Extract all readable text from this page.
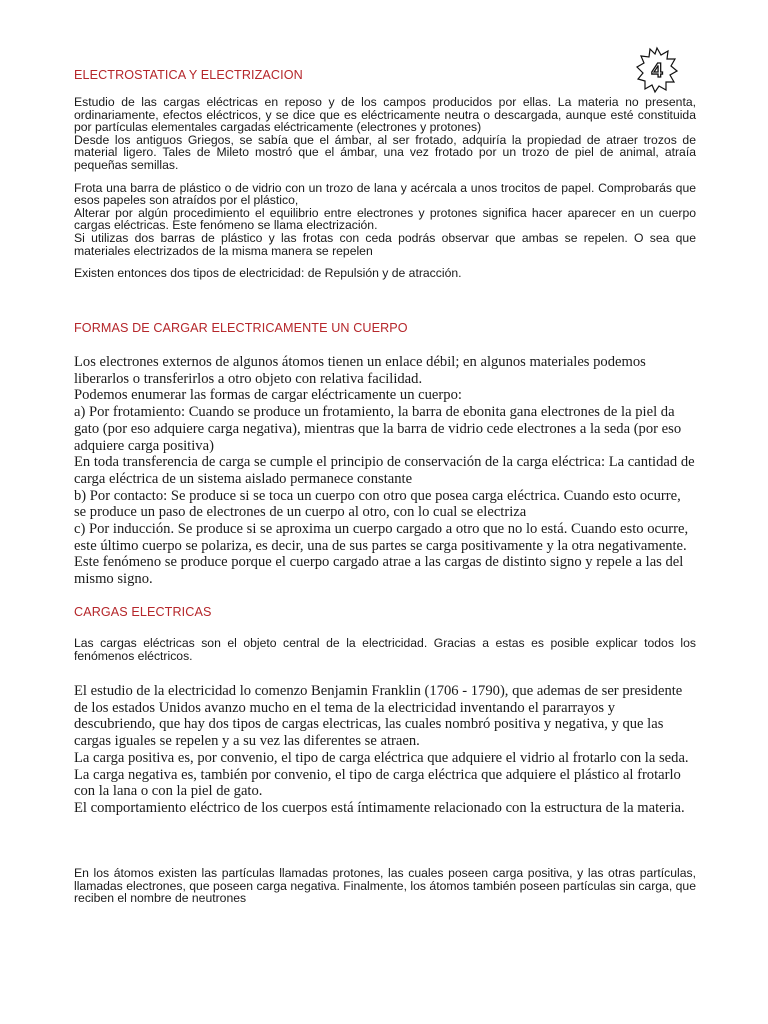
4
ELECTROSTATICA Y ELECTRIZACION

Estudio de las cargas eléctricas en reposo y de los campos producidos por ellas. La materia no presenta, ordinariamente, efectos eléctricos, y se dice que es eléctricamente neutra o descargada, aunque esté constituida por partículas elementales cargadas eléctricamente (electrones y protones)

Desde los antiguos Griegos, se sabía que el ámbar, al ser frotado, adquiría la propiedad de atraer trozos de material ligero. Tales de Mileto mostró que el ámbar, una vez frotado por un trozo de piel de animal, atraía pequeñas semillas.

Frota una barra de plástico o de vidrio con un trozo de lana y acércala a unos trocitos de papel. Comprobarás que esos papeles son atraídos por el plástico,

Alterar por algún procedimiento el equilibrio entre electrones y protones significa hacer aparecer en un cuerpo cargas eléctricas. Este fenómeno se llama electrización.

Si utilizas dos barras de plástico y las frotas con ceda podrás observar que ambas se repelen. O sea que materiales electrizados de la misma manera se repelen

Existen entonces dos tipos de electricidad: de Repulsión y de atracción.

FORMAS DE CARGAR ELECTRICAMENTE UN CUERPO

Los electrones externos de algunos átomos tienen un enlace débil; en algunos materiales podemos liberarlos o transferirlos a otro objeto con relativa facilidad.

Podemos enumerar las formas de cargar eléctricamente un cuerpo:

a) Por frotamiento: Cuando se produce un frotamiento, la barra de ebonita gana electrones de la piel da gato (por eso adquiere carga negativa), mientras que la barra de vidrio cede electrones a la seda (por eso adquiere carga positiva)

En toda transferencia de carga se cumple el principio de conservación de la carga eléctrica: La cantidad de carga eléctrica de un sistema aislado permanece constante

b) Por contacto: Se produce si se toca un cuerpo con otro que posea carga eléctrica. Cuando esto ocurre, se produce un paso de electrones de un cuerpo al otro, con lo cual se electriza

c) Por inducción. Se produce si se aproxima un cuerpo cargado a otro que no lo está. Cuando esto ocurre, este último cuerpo se polariza, es decir, una de sus partes se carga positivamente y la otra negativamente. Este fenómeno se produce porque el cuerpo cargado atrae a las cargas de distinto signo y repele a las del mismo signo.

CARGAS ELECTRICAS

Las cargas eléctricas son el objeto central de la electricidad. Gracias a estas es posible explicar todos los fenómenos eléctricos.

El estudio de la electricidad lo comenzo Benjamin Franklin (1706 - 1790), que ademas de ser presidente de los estados Unidos avanzo mucho en el tema de la electricidad inventando el pararrayos y descubriendo, que hay dos tipos de cargas electricas, las cuales nombró positiva y negativa, y que las cargas iguales se repelen y a su vez las diferentes se atraen.

La carga positiva es, por convenio, el tipo de carga eléctrica que adquiere el vidrio al frotarlo con la seda.

La carga negativa es, también por convenio, el tipo de carga eléctrica que adquiere el plástico al frotarlo con la lana o con la piel de gato.

El comportamiento eléctrico de los cuerpos está íntimamente relacionado con la estructura de la materia.

En los átomos existen las partículas llamadas protones, las cuales poseen carga positiva, y las otras partículas, llamadas electrones, que poseen carga negativa. Finalmente, los átomos también poseen partículas sin carga, que reciben el nombre de neutrones
